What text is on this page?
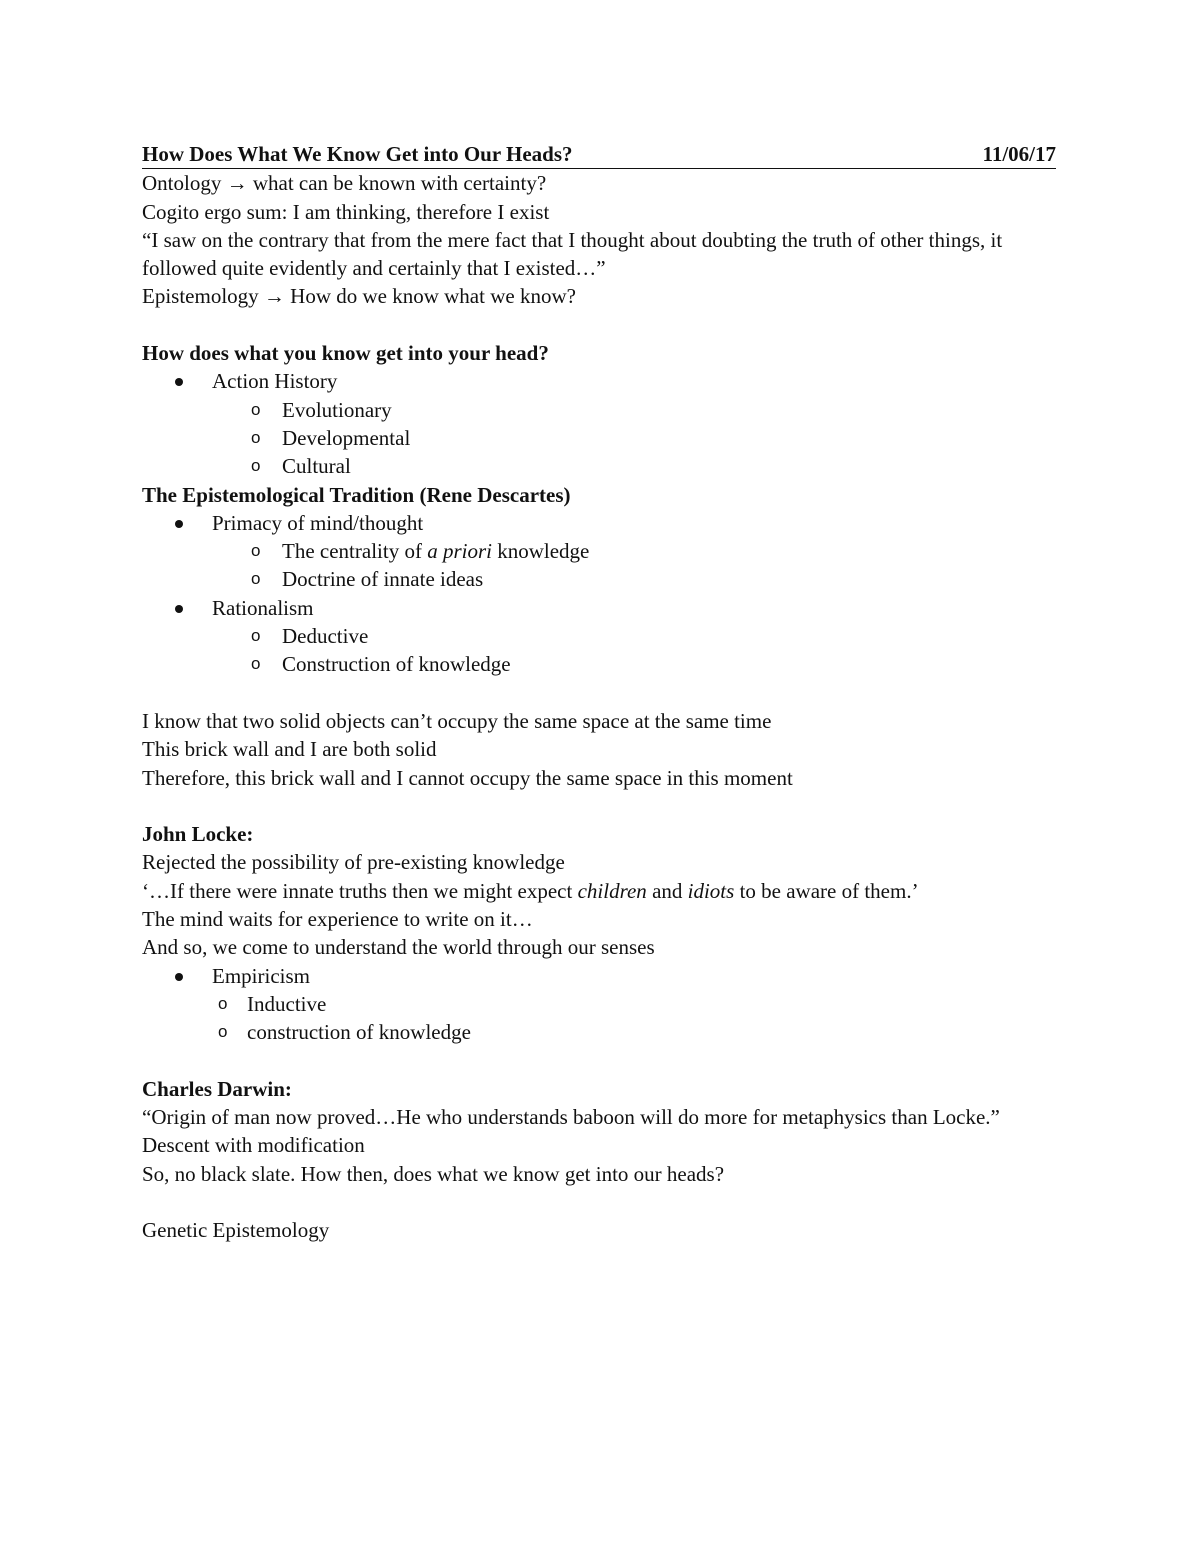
How Does What We Know Get into Our Heads?	11/06/17
Ontology → what can be known with certainty?
Cogito ergo sum: I am thinking, therefore I exist
“I saw on the contrary that from the mere fact that I thought about doubting the truth of other things, it followed quite evidently and certainly that I existed…”
Epistemology → How do we know what we know?
How does what you know get into your head?
Action History
o Evolutionary
o Developmental
o Cultural
The Epistemological Tradition (Rene Descartes)
Primacy of mind/thought
o The centrality of a priori knowledge
o Doctrine of innate ideas
Rationalism
o Deductive
o Construction of knowledge
I know that two solid objects can’t occupy the same space at the same time
This brick wall and I are both solid
Therefore, this brick wall and I cannot occupy the same space in this moment
John Locke:
Rejected the possibility of pre-existing knowledge
‘…If there were innate truths then we might expect children and idiots to be aware of them.’
The mind waits for experience to write on it…
And so, we come to understand the world through our senses
Empiricism
o Inductive
o construction of knowledge
Charles Darwin:
“Origin of man now proved…He who understands baboon will do more for metaphysics than Locke.”
Descent with modification
So, no black slate. How then, does what we know get into our heads?
Genetic Epistemology
